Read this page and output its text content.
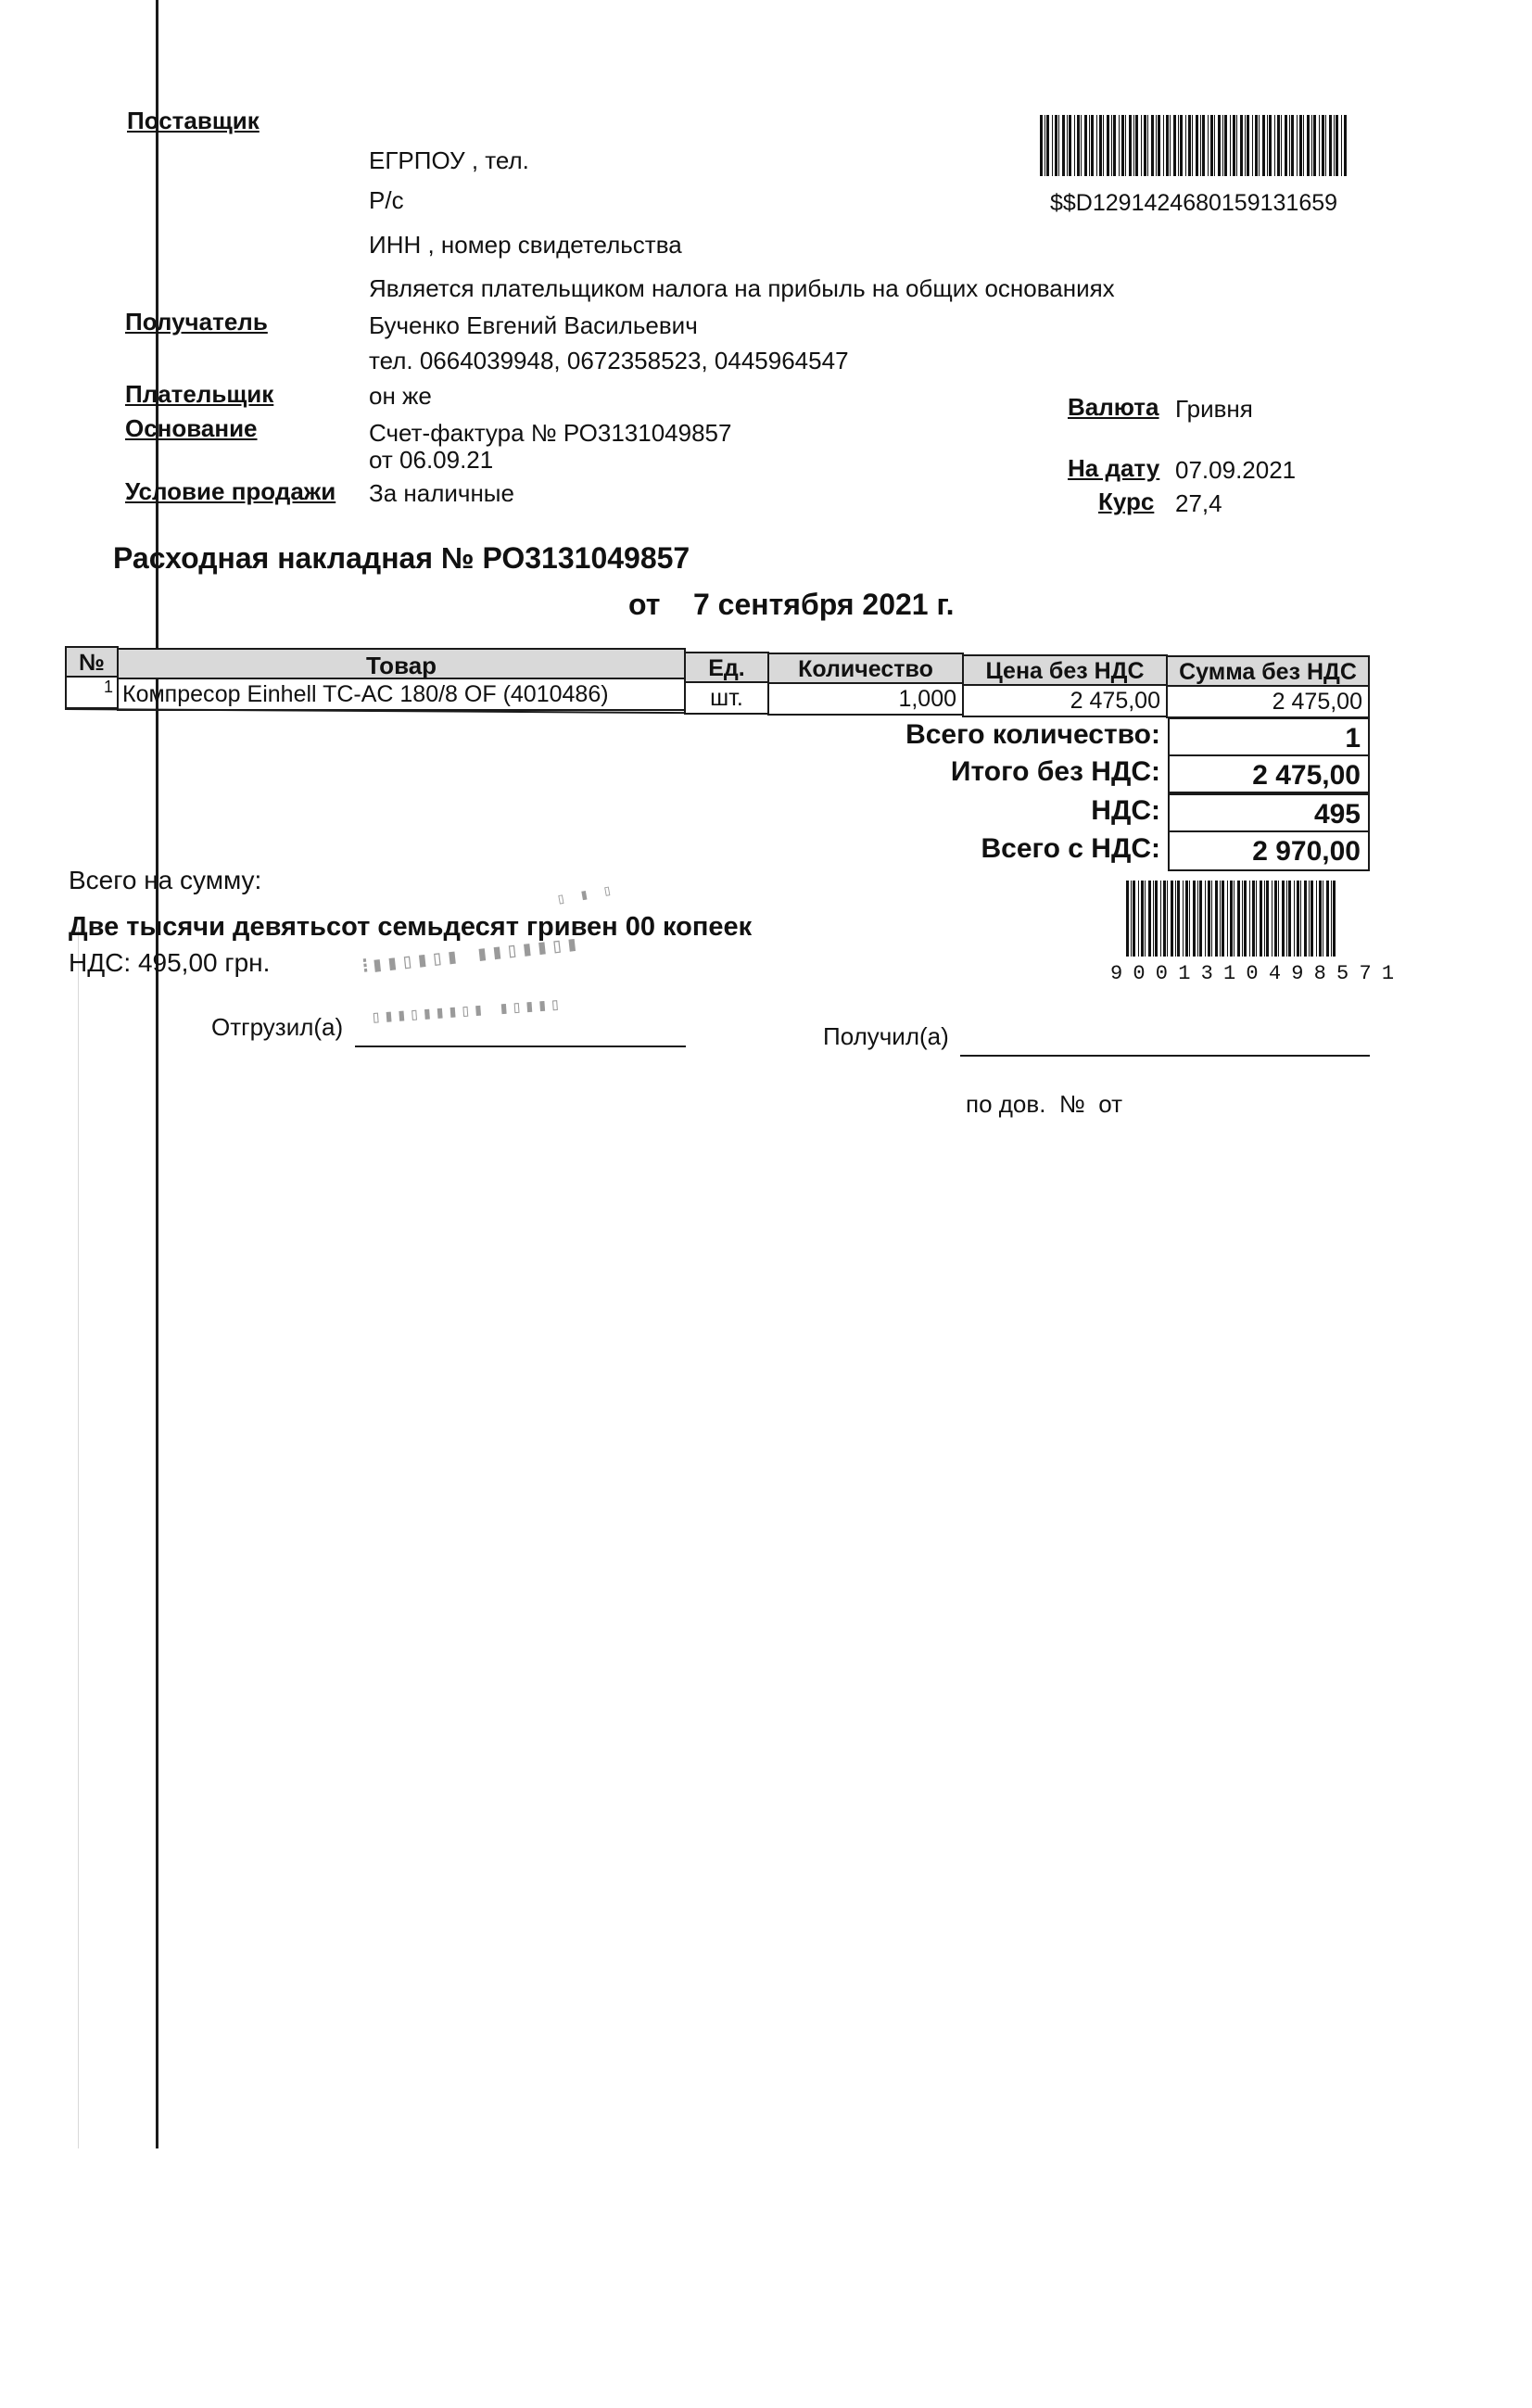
Поставщик
ЕГРПОУ , тел.
Р/с
ИНН , номер свидетельства
Является плательщиком налога на прибыль на общих основаниях
$$D1291424680159131659
Получатель	Бученко Евгений Васильевич
тел. 0664039948, 0672358523, 0445964547
Плательщик	он же
Основание	Счет-фактура № РО3131049857
от 06.09.21
Условие продажи За наличные
Валюта Гривня
На дату 07.09.2021
Курс 27,4
Расходная накладная № РО3131049857
от    7 сентября 2021 г.
№	Товар	Ед.	Количество	Цена без НДС	Сумма без НДС
1 Компресор Einhell TC-AC 180/8 OF (4010486)	шт.	1,000	2 475,00	2 475,00
Всего количество:	1
Итого без НДС:	2 475,00
НДС:	495
Всего с НДС:	2 970,00
Всего на сумму:
Две тысячи девятьсот семьдесят гривен 00 копеек
НДС: 495,00 грн.	9 0 0 1 3 1 0 4 9 8 5 7 1
⁝▮▮▯▮▯▮ ▮▮▯▮▮▯▮
▯▮▮▯▮▮▮▯▮ ▮▯▮▮▯
▯ ▮ ▯
Отгрузил(а)	Получил(а)
по дов.  №  от
